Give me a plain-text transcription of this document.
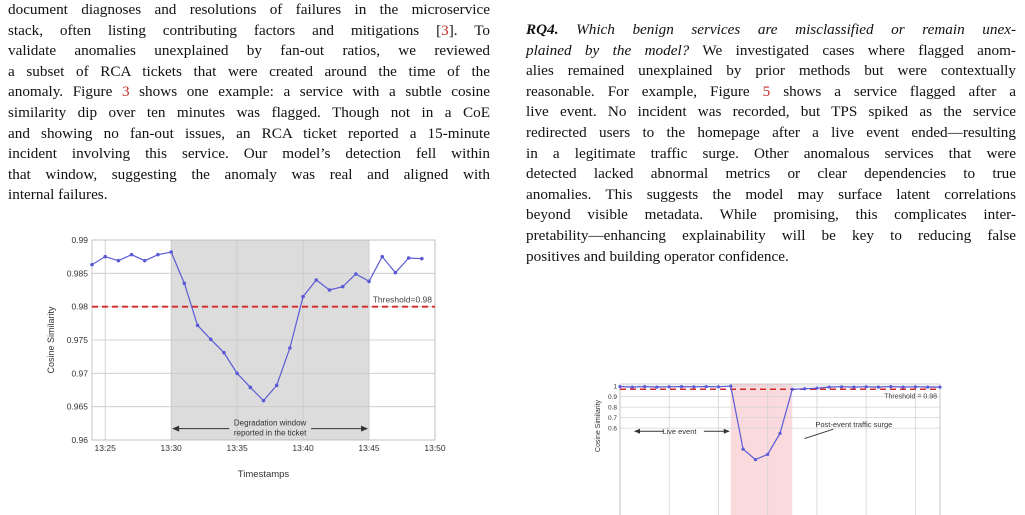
document diagnoses and resolutions of failures in the microservice
stack, often listing contributing factors and mitigations [3]. To
validate anomalies unexplained by fan-out ratios, we reviewed
a subset of RCA tickets that were created around the time of the
anomaly. Figure 3 shows one example: a service with a subtle cosine
similarity dip over ten minutes was flagged. Though not in a CoE
and showing no fan-out issues, an RCA ticket reported a 15-minute
incident involving this service. Our model’s detection fell within
that window, suggesting the anomaly was real and aligned with
internal failures.
RQ4. Which benign services are misclassified or remain unex-
plained by the model? We investigated cases where flagged anom-
alies remained unexplained by prior methods but were contextually
reasonable. For example, Figure 5 shows a service flagged after a
live event. No incident was recorded, but TPS spiked as the service
redirected users to the homepage after a live event ended—resulting
in a legitimate traffic surge. Other anomalous services that were
detected lacked abnormal metrics or clear dependencies to true
anomalies. This suggests the model may surface latent correlations
beyond visible metadata. While promising, this complicates inter-
pretability—enhancing explainability will be key to reducing false
positives and building operator confidence.
Threshold=0.98
0.96
0.965
0.97
0.975
0.98
0.985
0.99
13:25	13:30	13:35	13:40	13:45	13:50
Timestamps
Cosine Similarity
Degradation window
reported in the ticket
Threshold = 0.98
1
0.9
0.8
0.7
0.6
Cosine Similarity	Live event
Post-event traffic surge
